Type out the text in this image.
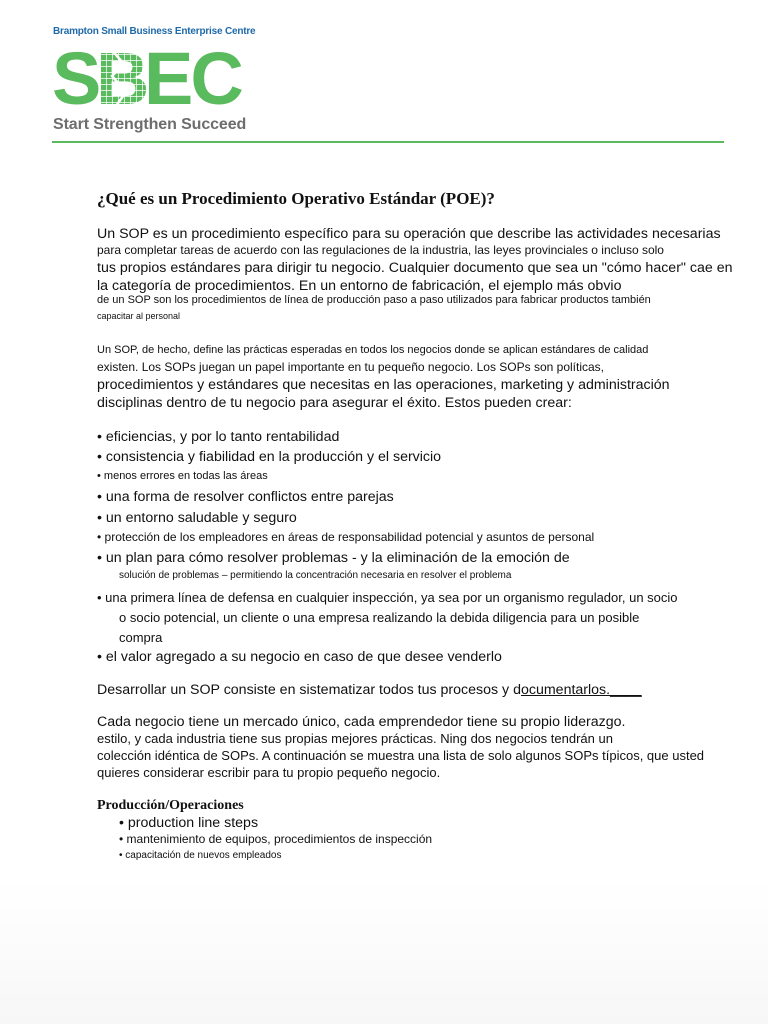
Brampton Small Business Enterprise Centre
S
B
EC
Start Strengthen Succeed
¿Qué es un Procedimiento Operativo Estándar (POE)?
Un SOP es un procedimiento específico para su operación que describe las actividades necesarias
para completar tareas de acuerdo con las regulaciones de la industria, las leyes provinciales o incluso solo
tus propios estándares para dirigir tu negocio. Cualquier documento que sea un "cómo hacer" cae en
la categoría de procedimientos. En un entorno de fabricación, el ejemplo más obvio
de un SOP son los procedimientos de línea de producción paso a paso utilizados para fabricar productos también
capacitar al personal
Un SOP, de hecho, define las prácticas esperadas en todos los negocios donde se aplican estándares de calidad
existen. Los SOPs juegan un papel importante en tu pequeño negocio. Los SOPs son políticas,
procedimientos y estándares que necesitas en las operaciones, marketing y administración
disciplinas dentro de tu negocio para asegurar el éxito. Estos pueden crear:
• eficiencias, y por lo tanto rentabilidad
• consistencia y fiabilidad en la producción y el servicio
• menos errores en todas las áreas
• una forma de resolver conflictos entre parejas
• un entorno saludable y seguro
• protección de los empleadores en áreas de responsabilidad potencial y asuntos de personal
• un plan para cómo resolver problemas - y la eliminación de la emoción de
solución de problemas – permitiendo la concentración necesaria en resolver el problema
• una primera línea de defensa en cualquier inspección, ya sea por un organismo regulador, un socio
o socio potencial, un cliente o una empresa realizando la debida diligencia para un posible
compra
• el valor agregado a su negocio en caso de que desee venderlo
Desarrollar un SOP consiste en sistematizar todos tus procesos y documentarlos.____
Cada negocio tiene un mercado único, cada emprendedor tiene su propio liderazgo.
estilo, y cada industria tiene sus propias mejores prácticas. Ning dos negocios tendrán un
colección idéntica de SOPs. A continuación se muestra una lista de solo algunos SOPs típicos, que usted
quieres considerar escribir para tu propio pequeño negocio.
Producción/Operaciones
• production line steps
• mantenimiento de equipos, procedimientos de inspección
• capacitación de nuevos empleados
